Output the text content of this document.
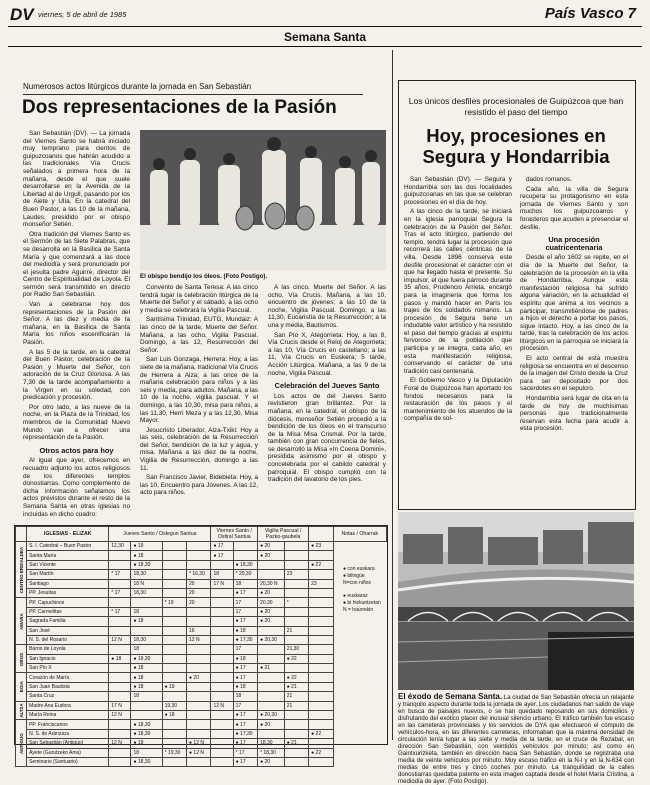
DV viernes, 5 de abril de 1985	País Vasco 7
Semana Santa
Numerosos actos litúrgicos durante la jornada en San Sebastián
Dos representaciones de la Pasión

San Sebastián (DV). — La jornada del Viernes Santo se habrá iniciado muy temprano para cientos de guipuzcoanos que habrán acudido a las tradicionales Vía Crucis señalados a primera hora de la mañana, desde el que suele desarrollarse en la Avenida de la Libertad al de Urgull, pasando por los de Aiete y Ulía. En la catedral del Buen Pastor, a las 10 de la mañana, Laudes, presidido por el obispo monseñor Setién.

Otra tradición del Viernes Santo es el Sermón de las Siete Palabras, que se desarrolla en la Basílica de Santa María y que comenzará a las doce del mediodía y será pronunciado por el jesuita padre Aguirre, director del Centro de Espiritualidad de Loyola. El sermón será transmitido en directo por Radio San Sebastián.

Van a celebrarse hoy dos representaciones de la Pasión del Señor. A las diez y media de la mañana, en la Basílica de Santa María los niños escenificarán la Pasión.

A las 5 de la tarde, en la catedral del Buen Pastor, celebración de la Pasión y Muerte del Señor, con adoración de la Cruz Gloriosa. A las 7,30 de la tarde acompañamiento a la Virgen en su soledad, con predicación y procesión.

Por otro lado, a las nueve de la noche, en la Plaza de la Trinidad, los miembros de la Comunidad Nuevo Mundo van a ofrecer una representación de la Pasión.

Otros actos para hoy

Al igual que ayer, ofrecemos en recuadro adjunto los actos religiosos de los diferentes templos donostiarras. Como complemento de dicha información señalamos los actos previstos durante el resto de la Semana Santa en otras iglesias no incluidas en dicho cuadro:

El obispo bendijo los óleos. (Foto Postigo).

Convento de Santa Teresa: A las cinco tendrá lugar la celebración litúrgica de la Muerte del Señor y el sábado, a las ocho y media se celebrará la Vigilia Pascual.

Santísima Trinidad, EUTG, Mundaiz: A las cinco de la tarde, Muerte del Señor. Mañana, a las ocho, Vigilia Pascual. Domingo, a las 12, Resurrección del Señor.

San Luis Gonzaga, Herrera: Hoy, a las siete de la mañana, tradicional Vía Crucis de Herrera a Aiza; a las once de la mañana celebración para niños y a las seis y media, para adultos. Mañana, a las 10 de la noche, vigilia pascual. Y el domingo, a las 10,30, misa para niños, a las 11,30, Herri Meza y a las 12,30, Misa Mayor.

Jesucristo Liberador, Alza-Txiki: Hoy a las seis, celebración de la Resurrección del Señor, bendición de la luz y agua, y misa. Mañana a las diez de la noche, Vigilia de Resurrección, domingo a las 11.

San Francisco Javier, Bidebieta: Hoy, a las 10, Encuentro para Jóvenes. A las 12, acto para niños.

A las cinco, Muerte del Señor. A las ocho, Vía Crucis. Mañana, a las 10, encuentro de jóvenes; a las 10 de la noche, Vigilia Pascual. Domingo, a las 11,30, Eucaristía de la Resurrección; a la una y media, Bautismos.

San Pío X, Ategorrieta: Hoy, a las 8, Vía Crucis desde el Reloj de Ategorrieta; a las 10, Vía Crucis en castellano; a las 11, Vía Crucis en Euskera; 5 tarde, Acción Litúrgica. Mañana, a las 9 de la noche, Vigilia Pascual.

Celebración del Jueves Santo

Los actos de del Jueves Santo revistieron gran brillantez. Por la mañana, en la catedral, el obispo de la diócesis, monseñor Setién procedió a la bendición de los óleos en el transcurso de la Misa Misa Crismal. Por la tarde, también con gran concurrencia de fieles, se desarrolló la Misa «In Coena Domini», presidida asimismo por el obispo y concelebrada por el cabildo catedral y parroquial. El obispo cumplió con la tradición del lavatorio de los pies.

Los únicos desfiles procesionales de Guipúzcoa que han resistido el paso del tiempo
Hoy, procesiones en
Segura y Hondarribia

San Sebastián (DV). — Segura y Hondarribia son las dos localidades guipuzcoanas en las que se celebran procesiones en el día de hoy.

A las cinco de la tarde, se iniciará en la iglesia parroquial Segura la celebración de la Pasión del Señor. Tras el acto litúrgico, partiendo del templo, tendrá lugar la procesión que recorrerá las calles céntricas de la villa. Desde 1896 conserva este desfile procesional el carácter con el que ha llegado hasta el presente. Su impulsor, el que fuera párroco durante 35 años, Prudencio Arrieta, encargó para la imaginería que forma los pasos y mandó hacer en París los trajes de los soldados romanos. La procesión de Segura tiene un indudable valor artístico y ha resistido el paso del tiempo gracias al espíritu fervoroso de la población que participa y se integra, cada año, en esta manifestación religiosa, conservando el carácter de una tradición casi centenaria.

El Gobierno Vasco y la Diputación Foral de Guipúzcoa han aportado los fondos necesarios para la restauración de los pasos y el mantenimiento de los atuendos de la compañía de sol-

dados romanos.

Cada año, la villa de Segura recupera su protagonismo en esta jornada de Viernes Santo y son muchos los guipuzcoanos y forasteros que acuden a presenciar el desfile.

Una procesión cuatricentenaria

Desde el año 1602 se repite, en el día de la Muerte del Señor, la celebración de la procesión en la villa de Hondarribia. Aunque esta manifestación religiosa ha sufrido alguna variación, en la actualidad el espíritu que anima a los vecinos a participar, transmitiéndose de padres a hijos el derecho a portar los pasos, sigue intacto. Hoy, a las cinco de la tarde, tras la celebración de los actos litúrgicos en la parroquia se iniciará la procesión.

El acto central de esta muestra religiosa se encuentra en el descenso de la imagen del Cristo desde la Cruz para ser depositado por dos sacerdotes en el sepulcro.

Hondarribia será lugar de cita en la tarde de hoy de muchísimas personas que tradicionalmente reservan esta fecha para acudir a esta procesión.

El éxodo de Semana Santa. La ciudad de San Sebastián ofrecía un relajante y tranquilo aspecto durante toda la jornada de ayer. Los ciudadanos han salido de viaje en busca de paisajes nuevos, o se han quedado reposando en sus domicilios y disfrutando del exótico placer del inusual silencio urbano. El tráfico también fue escaso en las carreteras provinciales y los servicios de DYA que efectuaron el cómputo de vehículos-hora, en las diferentes carreteras, informaban que la máxima densidad de circulación tenía lugar a las siete y media de la tarde, en el cruce de Rezabal, en dirección San Sebastián, con veintidós vehículos por minuto; así como en Gaintxurizketa, también en dirección hacia San Sebastián, donde se registraba una media de veinte vehículos por minuto. Muy escaso tráfico en la N-I y en la N-634 con medias de entre tres y cinco coches por minuto. La tranquilidad de la calles donostiarras quedaba patente en esta imagen captada desde el hotel María Cristina, a mediodía de ayer. (Foto Postigo).
	IGLESIAS - ELIZAK	Jueves Santo / Ostegun Santua				Viernes Santo / Ostiral Santua		Vigilia Pascual / Pazko-gaubela			Notas / Oharrak
CENTRO ERDIALDEA	S. I. Catedral – Buen Pastor	12,30	● 19			● 17		● 20		● 23	
	Santa María		● 18			● 17		● 20			
	San Vicente		● 18,30				● 18,30			● 22	
	San Martín	* 17	18,30		* 16,30	18	* 20,30		23		
	Santiago		18 N		20	17 N	18	20,30 N		23	
	PP. Jesuitas	* 17	18,30		20		● 17	● 20			
AMARA	PP. Capuchinos			* 19	20		17	20,30	*		
	PP. Carmelitas	* 17	18				17	● 20			
	Sagrada Familia		● 18				● 17	● 20			
	San José				16		● 18		21		
	N. S. del Rosario	12 N	18,30		12 N		● 17,30	● 20,30			
GROS	Barrio de Loyola		18				17		21,30		
	San Ignacio	● 18	● 19,30				● 18		● 22		
	San Pío X		● 18				● 17	● 21			
EGIA	Corazón de María		● 18		● 20		● 17		● 22		
	San Juan Bautista		● 18	● 19			● 18		● 21		
	Santa Cruz		18				18		21		
ALTZA	Madre Ana Eudora	17 N		19,30		12 N	17		21		
	María Reina	12 N		● 18			● 17	● 20,30			
ANTIGUO	PP. Franciscanos		● 18,30				● 17	● 20			
	N. S. de Aránzazu		● 18,30				● 17,30			● 22	
	San Sebastián (Antiguo)	12 N	● 19		● 12 N		● 17	18,30	● 21		
	Ayete (Gurutzeko Ama)		18	* 19,30	● 12 N		* 17	* 18,30		● 22	
	Seminario (Santuario)		● 18,30				● 17	● 20			
● con euskara
● bilingüe
N=con niños
● euskaraz
● bi hizkuntzetan
N = haurrekin
